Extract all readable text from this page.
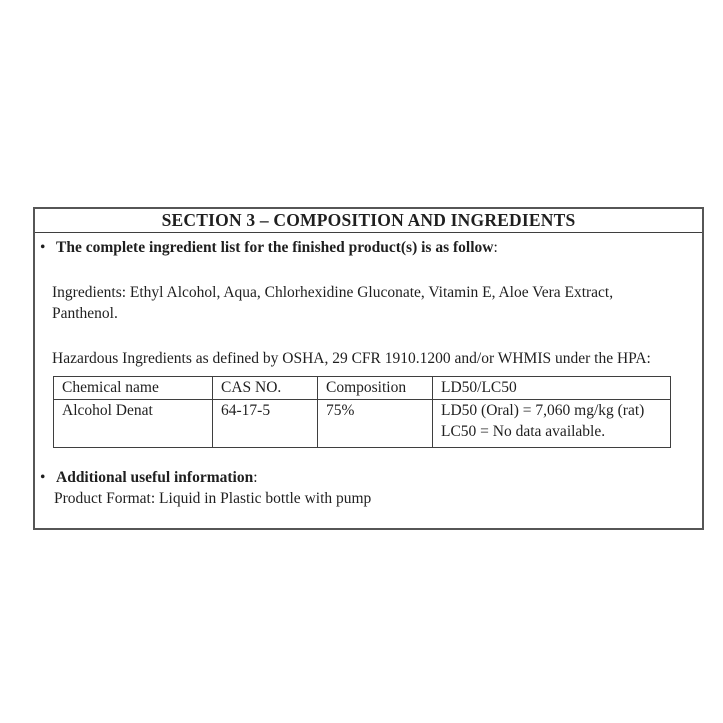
SECTION 3 – COMPOSITION AND INGREDIENTS
• The complete ingredient list for the finished product(s) is as follow:
Ingredients: Ethyl Alcohol, Aqua, Chlorhexidine Gluconate, Vitamin E, Aloe Vera Extract,
Panthenol.
Hazardous Ingredients as defined by OSHA, 29 CFR 1910.1200 and/or WHMIS under the HPA:
Chemical name	CAS NO.	Composition	LD50/LC50
Alcohol Denat	64-17-5	75%	LD50 (Oral) = 7,060 mg/kg (rat)
LC50 = No data available.
• Additional useful information:
Product Format: Liquid in Plastic bottle with pump
